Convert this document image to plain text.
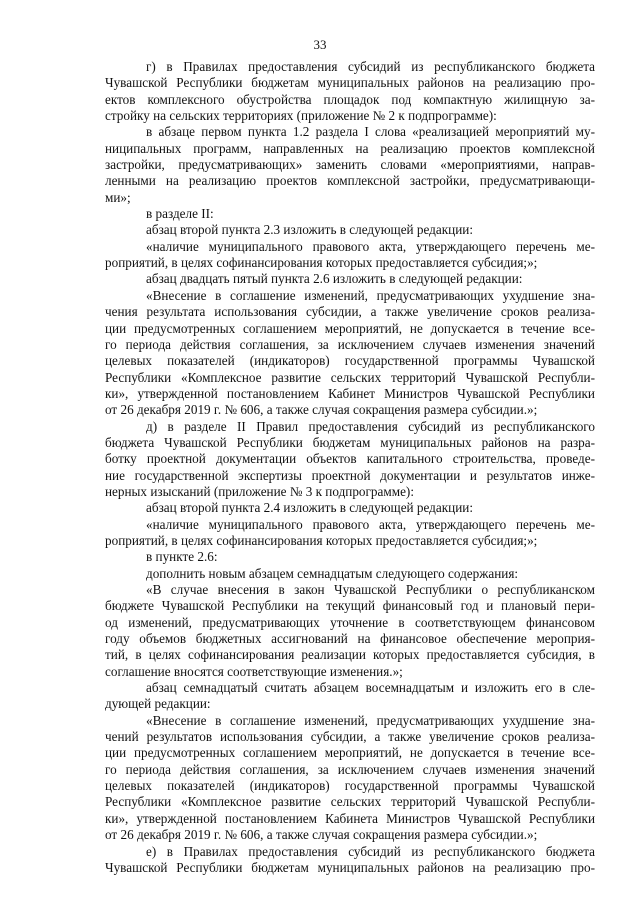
33
г) в Правилах предоставления субсидий из республиканского бюджета
Чувашской Республики бюджетам муниципальных районов на реализацию про-
ектов комплексного обустройства площадок под компактную жилищную за-
стройку на сельских территориях (приложение № 2 к подпрограмме):
в абзаце первом пункта 1.2 раздела I слова «реализацией мероприятий му-
ниципальных программ, направленных на реализацию проектов комплексной
застройки, предусматривающих» заменить словами «мероприятиями, направ-
ленными на реализацию проектов комплексной застройки, предусматривающи-
ми»;
в разделе II:
абзац второй пункта 2.3 изложить в следующей редакции:
«наличие муниципального правового акта, утверждающего перечень ме-
роприятий, в целях софинансирования которых предоставляется субсидия;»;
абзац двадцать пятый пункта 2.6 изложить в следующей редакции:
«Внесение в соглашение изменений, предусматривающих ухудшение зна-
чения результата использования субсидии, а также увеличение сроков реализа-
ции предусмотренных соглашением мероприятий, не допускается в течение все-
го периода действия соглашения, за исключением случаев изменения значений
целевых показателей (индикаторов) государственной программы Чувашской
Республики «Комплексное развитие сельских территорий Чувашской Республи-
ки», утвержденной постановлением Кабинет Министров Чувашской Республики
от 26 декабря 2019 г. № 606, а также случая сокращения размера субсидии.»;
д) в разделе II Правил предоставления субсидий из республиканского
бюджета Чувашской Республики бюджетам муниципальных районов на разра-
ботку проектной документации объектов капитального строительства, проведе-
ние государственной экспертизы проектной документации и результатов инже-
нерных изысканий (приложение № 3 к подпрограмме):
абзац второй пункта 2.4 изложить в следующей редакции:
«наличие муниципального правового акта, утверждающего перечень ме-
роприятий, в целях софинансирования которых предоставляется субсидия;»;
в пункте 2.6:
дополнить новым абзацем семнадцатым следующего содержания:
«В случае внесения в закон Чувашской Республики о республиканском
бюджете Чувашской Республики на текущий финансовый год и плановый пери-
од изменений, предусматривающих уточнение в соответствующем финансовом
году объемов бюджетных ассигнований на финансовое обеспечение мероприя-
тий, в целях софинансирования реализации которых предоставляется субсидия, в
соглашение вносятся соответствующие изменения.»;
абзац семнадцатый считать абзацем восемнадцатым и изложить его в сле-
дующей редакции:
«Внесение в соглашение изменений, предусматривающих ухудшение зна-
чений результатов использования субсидии, а также увеличение сроков реализа-
ции предусмотренных соглашением мероприятий, не допускается в течение все-
го периода действия соглашения, за исключением случаев изменения значений
целевых показателей (индикаторов) государственной программы Чувашской
Республики «Комплексное развитие сельских территорий Чувашской Республи-
ки», утвержденной постановлением Кабинета Министров Чувашской Республики
от 26 декабря 2019 г. № 606, а также случая сокращения размера субсидии.»;
е) в Правилах предоставления субсидий из республиканского бюджета
Чувашской Республики бюджетам муниципальных районов на реализацию про-
